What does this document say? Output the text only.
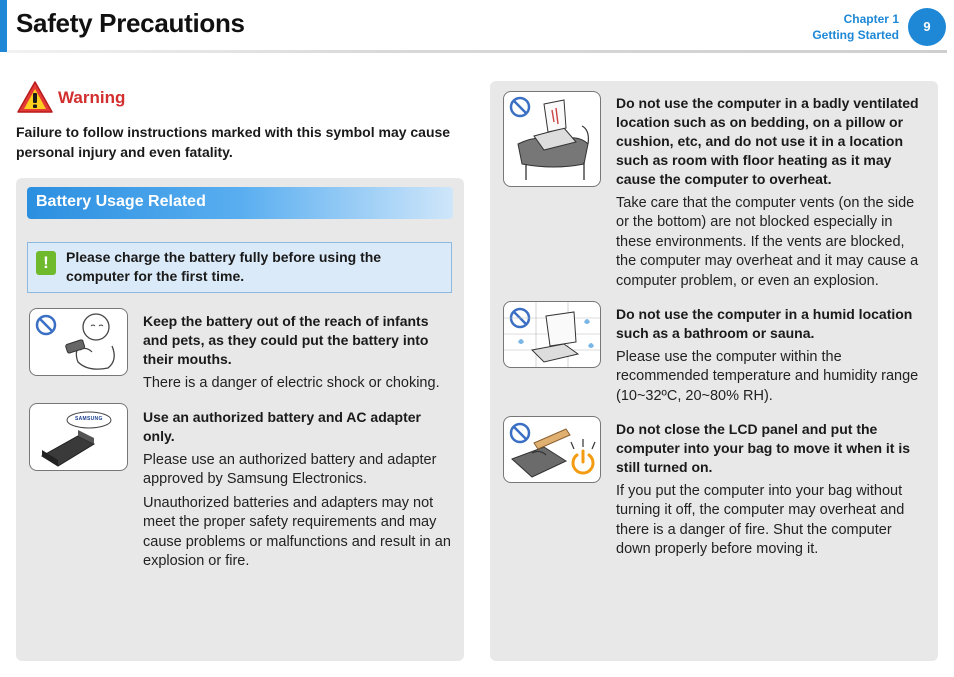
Safety Precautions	Chapter 1
Getting Started
9
Warning
Failure to follow instructions marked with this symbol may cause personal injury and even fatality.
Battery Usage Related
!	Please charge the battery fully before using the computer for the first time.
Keep the battery out of the reach of infants and pets, as they could put the battery into their mouths.
There is a danger of electric shock or choking.
SAMSUNG	Use an authorized battery and AC adapter only.
Please use an authorized battery and adapter approved by Samsung Electronics.
Unauthorized batteries and adapters may not meet the proper safety requirements and may cause problems or malfunctions and result in an explosion or fire.
Do not use the computer in a badly ventilated location such as on bedding, on a pillow or cushion, etc, and do not use it in a location such as room with floor heating as it may cause the computer to overheat.
Take care that the computer vents (on the side or the bottom) are not blocked especially in these environments. If the vents are blocked, the computer may overheat and it may cause a computer problem, or even an explosion.
Do not use the computer in a humid location such as a bathroom or sauna.
Please use the computer within the recommended temperature and humidity range (10~32ºC, 20~80% RH).
Do not close the LCD panel and put the computer into your bag to move it when it is still turned on.
If you put the computer into your bag without turning it off, the computer may overheat and there is a danger of fire. Shut the computer down properly before moving it.
